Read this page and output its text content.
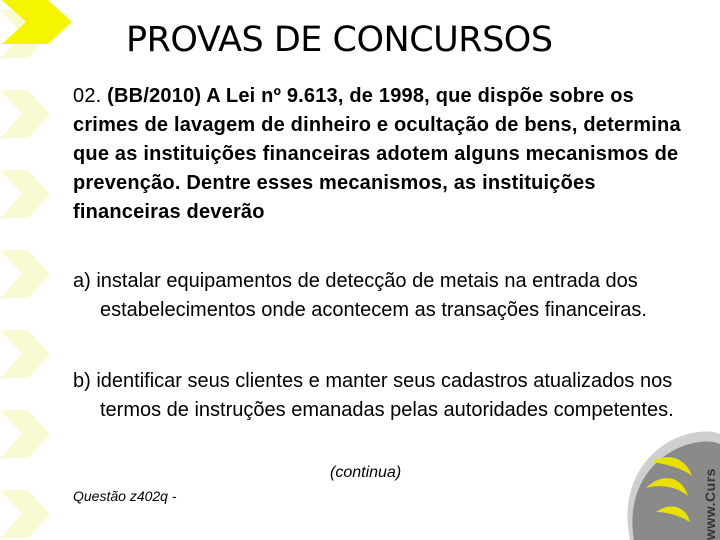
PROVAS DE CONCURSOS
02. (BB/2010) A Lei nº 9.613, de 1998, que dispõe sobre os crimes de lavagem de dinheiro e ocultação de bens, determina que as instituições financeiras adotem alguns mecanismos de prevenção. Dentre esses mecanismos, as instituições financeiras deverão
a) instalar equipamentos de detecção de metais na entrada dos estabelecimentos onde acontecem as transações financeiras.
b) identificar seus clientes e manter seus cadastros atualizados nos termos de instruções emanadas pelas autoridades competentes.
(continua)
Questão z402q -	www.Curs
